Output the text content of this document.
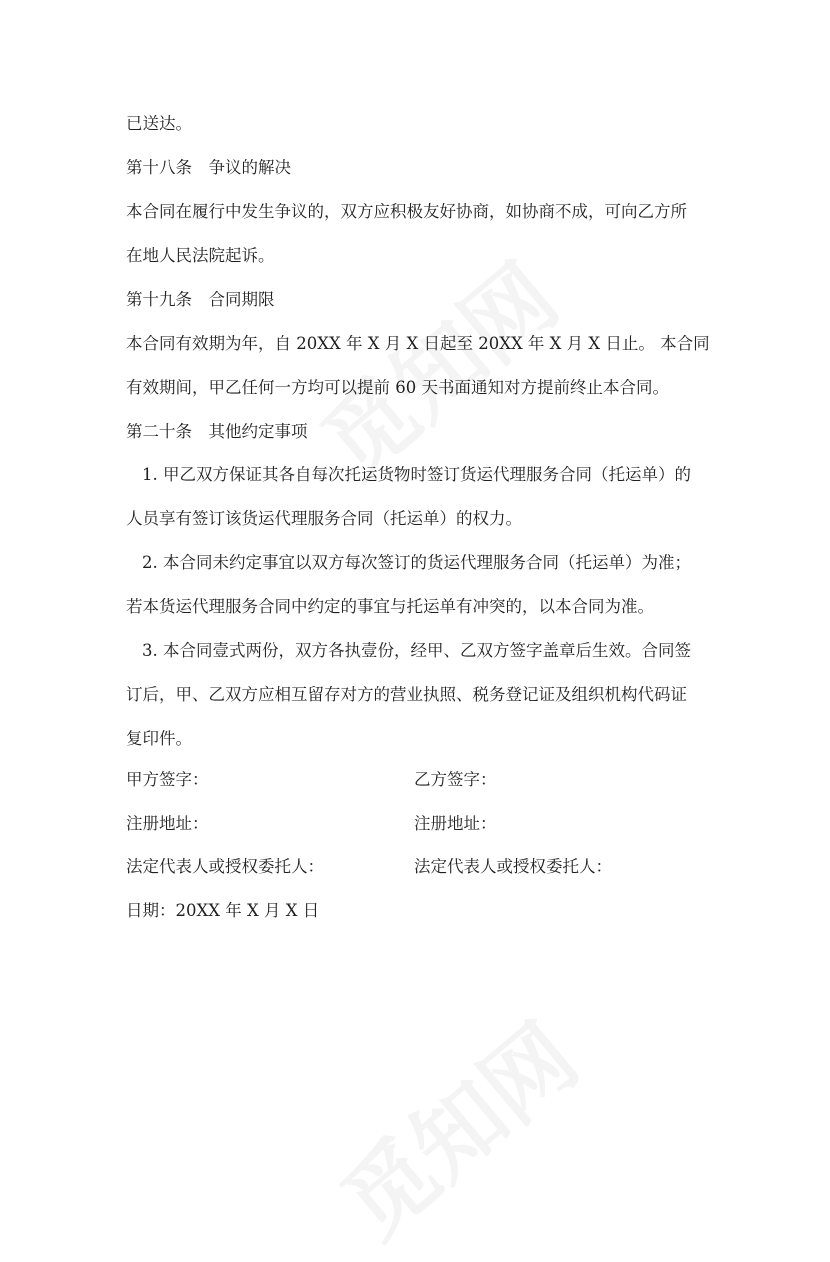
已送达。
第十八条　争议的解决
本合同在履行中发生争议的，双方应积极友好协商，如协商不成，可向乙方所
在地人民法院起诉。
第十九条　合同期限
本合同有效期为年，自 20XX 年 X 月 X 日起至 20XX 年 X 月 X 日止。 本合同
有效期间，甲乙任何一方均可以提前 60 天书面通知对方提前终止本合同。
第二十条　其他约定事项
1. 甲乙双方保证其各自每次托运货物时签订货运代理服务合同（托运单）的
人员享有签订该货运代理服务合同（托运单）的权力。
2. 本合同未约定事宜以双方每次签订的货运代理服务合同（托运单）为准；
若本货运代理服务合同中约定的事宜与托运单有冲突的，以本合同为准。
3. 本合同壹式两份，双方各执壹份，经甲、乙双方签字盖章后生效。合同签
订后，甲、乙双方应相互留存对方的营业执照、税务登记证及组织机构代码证
复印件。
甲方签字：	乙方签字：
注册地址：	注册地址：
法定代表人或授权委托人：	法定代表人或授权委托人：
日期：20XX 年 X 月 X 日
